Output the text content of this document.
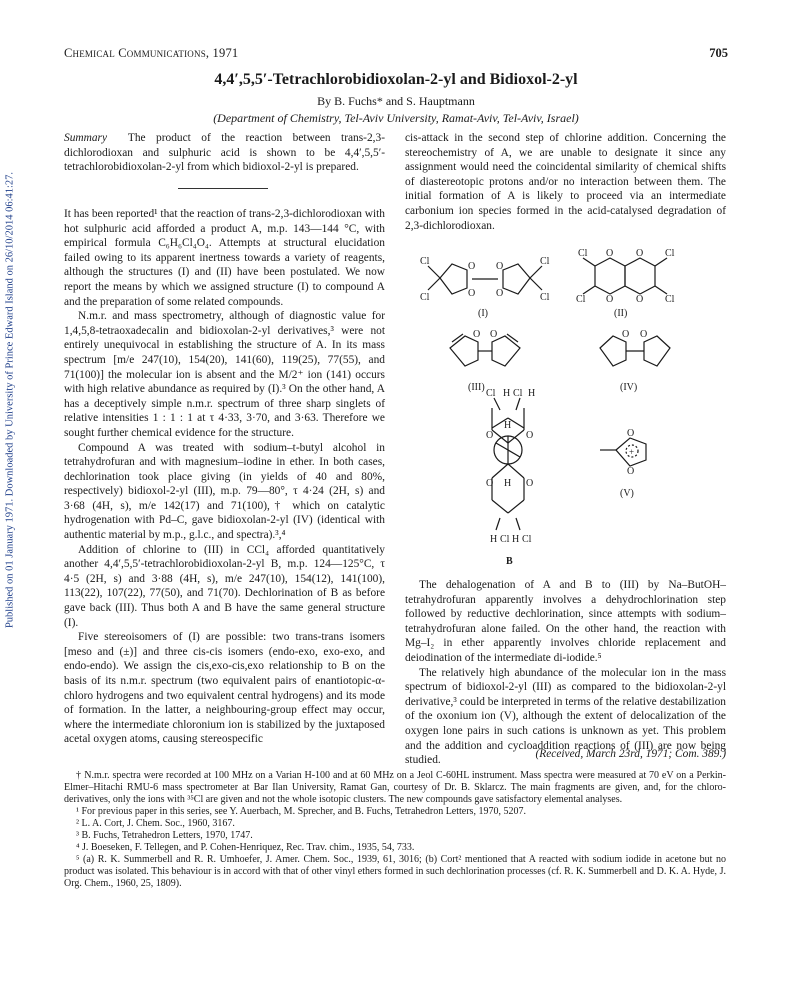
Published on 01 January 1971. Downloaded by University of Prince Edward Island on 26/10/2014 06:41:27.
Chemical Communications, 1971	705
4,4′,5,5′-Tetrachlorobidioxolan-2-yl and Bidioxol-2-yl
By B. Fuchs* and S. Hauptmann
(Department of Chemistry, Tel-Aviv University, Ramat-Aviv, Tel-Aviv, Israel)

Summary The product of the reaction between trans-2,3-dichlorodioxan and sulphuric acid is shown to be 4,4′,5,5′-tetrachlorobidioxolan-2-yl from which bidioxol-2-yl is prepared.

It has been reported¹ that the reaction of trans-2,3-dichlorodioxan with hot sulphuric acid afforded a product A, m.p. 143—144 °C, with empirical formula C₆H₆Cl₄O₄. Attempts at structural elucidation failed owing to its apparent inertness towards a variety of reagents, although the structures (I) and (II) have been postulated. We now report the means by which we assigned structure (I) to compound A and the preparation of some related compounds.

N.m.r. and mass spectrometry, although of diagnostic value for 1,4,5,8-tetraoxadecalin and bidioxolan-2-yl derivatives,³ were not entirely unequivocal in establishing the structure of A. In its mass spectrum [m/e 247(10), 154(20), 141(60), 119(25), 77(55), and 71(100)] the molecular ion is absent and the M/2⁺ ion (141) occurs with high relative abundance as required by (I).³ On the other hand, A has a deceptively simple n.m.r. spectrum of three sharp singlets of relative intensities 1 : 1 : 1 at τ 4·33, 3·70, and 3·63. Therefore we sought further chemical evidence for the structure.

Compound A was treated with sodium–t-butyl alcohol in tetrahydrofuran and with magnesium–iodine in ether. In both cases, dechlorination took place giving (in yields of 40 and 80%, respectively) bidioxol-2-yl (III), m.p. 79—80°, τ 4·24 (2H, s) and 3·68 (4H, s), m/e 142(17) and 71(100),† which on catalytic hydrogenation with Pd–C, gave bidioxolan-2-yl (IV) (identical with authentic material by m.p., g.l.c., and spectra).³,⁴

Addition of chlorine to (III) in CCl₄ afforded quantitatively another 4,4′,5,5′-tetrachlorobidioxolan-2-yl B, m.p. 124—125°C, τ 4·5 (2H, s) and 3·88 (4H, s), m/e 247(10), 154(12), 141(100), 113(22), 107(22), 77(50), and 71(70). Dechlorination of B as before gave back (III). Thus both A and B have the same general structure (I).

Five stereoisomers of (I) are possible: two trans-trans isomers [meso and (±)] and three cis-cis isomers (endo-exo, exo-exo, and endo-endo). We assign the cis,exo-cis,exo relationship to B on the basis of its n.m.r. spectrum (two equivalent pairs of enantiotopic-α-chloro hydrogens and two equivalent central hydrogens) and its mode of formation. In the latter, a neighbouring-group effect may occur, where the intermediate chloronium ion is stabilized by the juxtaposed acetal oxygen atoms, causing stereospecific

cis-attack in the second step of chlorine addition. Concerning the stereochemistry of A, we are unable to designate it since any assignment would need the coincidental similarity of chemical shifts of diastereotopic protons and/or no interaction between them. The initial formation of A is likely to proceed via an intermediate carbonium ion species formed in the acid-catalysed degradation of 2,3-dichlorodioxan.

Cl
Cl
Cl
Cl
O
O
O
O
(I)
Cl
Cl
Cl
Cl
O
O
O
O
(II)
O O
(III)
O O
(IV)
Cl H Cl H
O
H
O
H
O	O
H Cl H Cl
B
O
O
+
(V)

The dehalogenation of A and B to (III) by Na–ButOH–tetrahydrofuran apparently involves a dehydrochlorination step followed by reductive dechlorination, since attempts with sodium–tetrahydrofuran alone failed. On the other hand, the reaction with Mg–I₂ in ether apparently involves chloride replacement and deiodination of the intermediate di-iodide.⁵

The relatively high abundance of the molecular ion in the mass spectrum of bidioxol-2-yl (III) as compared to the bidioxolan-2-yl derivative,³ could be interpreted in terms of the relative destabilization of the oxonium ion (V), although the extent of delocalization of the oxygen lone pairs in such cations is unknown as yet. This problem and the addition and cycloaddition reactions of (III) are now being studied.

(Received, March 23rd, 1971; Com. 389.)

† N.m.r. spectra were recorded at 100 MHz on a Varian H-100 and at 60 MHz on a Jeol C-60HL instrument. Mass spectra were measured at 70 eV on a Perkin-Elmer–Hitachi RMU-6 mass spectrometer at Bar Ilan University, Ramat Gan, courtesy of Dr. B. Sklarcz. The main fragments are given, and, for the chloro-derivatives, only the ions with ³⁵Cl are given and not the whole isotopic clusters. The new compounds gave satisfactory elemental analyses.

¹ For previous paper in this series, see Y. Auerbach, M. Sprecher, and B. Fuchs, Tetrahedron Letters, 1970, 5207.

² L. A. Cort, J. Chem. Soc., 1960, 3167.

³ B. Fuchs, Tetrahedron Letters, 1970, 1747.

⁴ J. Boeseken, F. Tellegen, and P. Cohen-Henriquez, Rec. Trav. chim., 1935, 54, 733.

⁵ (a) R. K. Summerbell and R. R. Umhoefer, J. Amer. Chem. Soc., 1939, 61, 3016; (b) Cort² mentioned that A reacted with sodium iodide in acetone but no product was isolated. This behaviour is in accord with that of other vinyl ethers formed in such dechlorination processes (cf. R. K. Summerbell and D. K. A. Hyde, J. Org. Chem., 1960, 25, 1809).
